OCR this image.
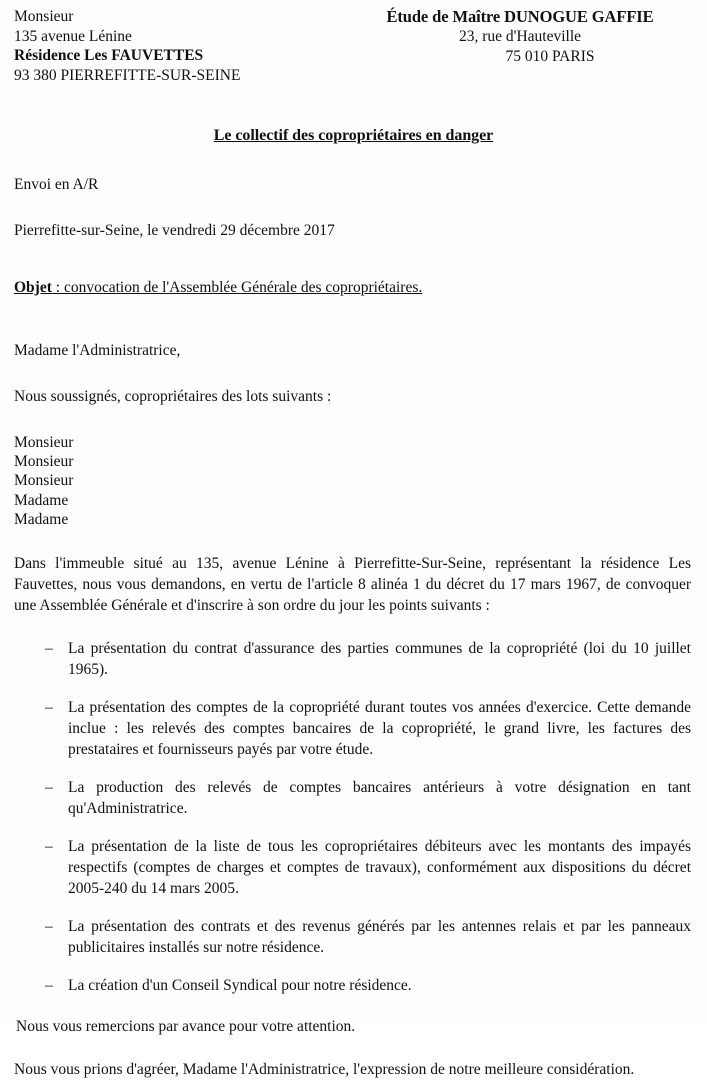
Monsieur
135 avenue Lénine
Résidence Les FAUVETTES
93 380 PIERREFITTE-SUR-SEINE
Étude de Maître DUNOGUE GAFFIE
23, rue d'Hauteville
75 010 PARIS
Le collectif des copropriétaires en danger
Envoi en A/R
Pierrefitte-sur-Seine, le vendredi 29 décembre 2017
Objet : convocation de l'Assemblée Générale des copropriétaires.
Madame l'Administratrice,
Nous soussignés, copropriétaires des lots suivants :
Monsieur
Monsieur
Monsieur
Madame
Madame
Dans l'immeuble situé au 135, avenue Lénine à Pierrefitte-Sur-Seine, représentant la résidence Les Fauvettes, nous vous demandons, en vertu de l'article 8 alinéa 1 du décret du 17 mars 1967, de convoquer une Assemblée Générale et d'inscrire à son ordre du jour les points suivants :
– La présentation du contrat d'assurance des parties communes de la copropriété (loi du 10 juillet 1965).
– La présentation des comptes de la copropriété durant toutes vos années d'exercice. Cette demande inclue : les relevés des comptes bancaires de la copropriété, le grand livre, les factures des prestataires et fournisseurs payés par votre étude.
– La production des relevés de comptes bancaires antérieurs à votre désignation en tant qu'Administratrice.
– La présentation de la liste de tous les copropriétaires débiteurs avec les montants des impayés respectifs (comptes de charges et comptes de travaux), conformément aux dispositions du décret 2005-240 du 14 mars 2005.
– La présentation des contrats et des revenus générés par les antennes relais et par les panneaux publicitaires installés sur notre résidence.
– La création d'un Conseil Syndical pour notre résidence.
Nous vous remercions par avance pour votre attention.
Nous vous prions d'agréer, Madame l'Administratrice, l'expression de notre meilleure considération.
